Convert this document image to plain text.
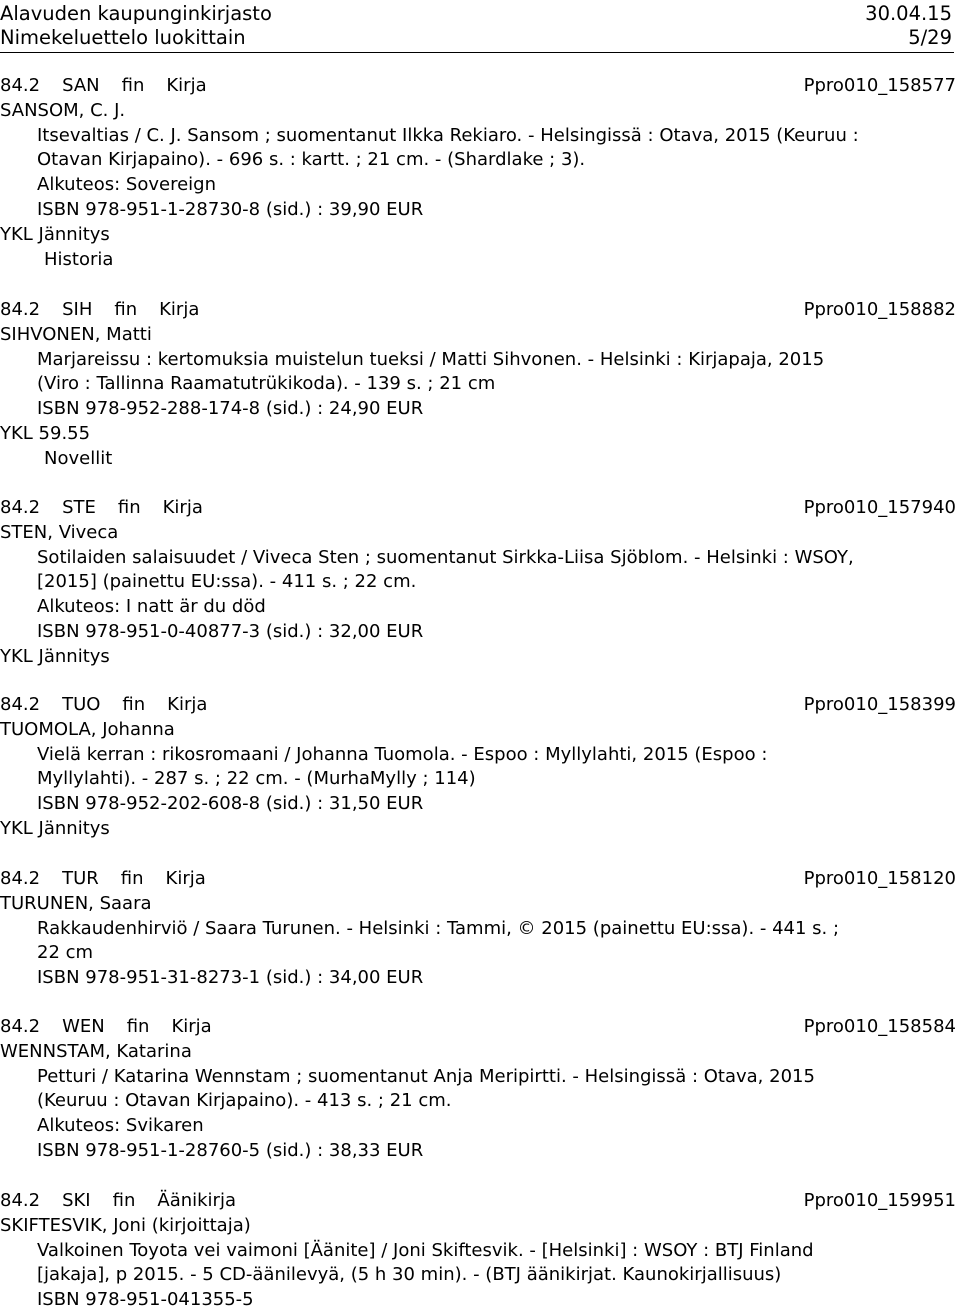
Alavuden kaupunginkirjasto	30.04.15
Nimekeluettelo luokittain	5/29
84.2 SAN fin Kirja	Ppro010_158577
SANSOM, C. J.
Itsevaltias / C. J. Sansom ; suomentanut Ilkka Rekiaro. - Helsingissä : Otava, 2015 (Keuruu :
Otavan Kirjapaino). - 696 s. : kartt. ; 21 cm. - (Shardlake ; 3).
Alkuteos: Sovereign
ISBN 978-951-1-28730-8 (sid.) : 39,90 EUR
YKL Jännitys
Historia
84.2 SIH fin Kirja	Ppro010_158882
SIHVONEN, Matti
Marjareissu : kertomuksia muistelun tueksi / Matti Sihvonen. - Helsinki : Kirjapaja, 2015
(Viro : Tallinna Raamatutrükikoda). - 139 s. ; 21 cm
ISBN 978-952-288-174-8 (sid.) : 24,90 EUR
YKL 59.55
Novellit
84.2 STE fin Kirja	Ppro010_157940
STEN, Viveca
Sotilaiden salaisuudet / Viveca Sten ; suomentanut Sirkka-Liisa Sjöblom. - Helsinki : WSOY,
[2015] (painettu EU:ssa). - 411 s. ; 22 cm.
Alkuteos: I natt är du död
ISBN 978-951-0-40877-3 (sid.) : 32,00 EUR
YKL Jännitys
84.2 TUO fin Kirja	Ppro010_158399
TUOMOLA, Johanna
Vielä kerran : rikosromaani / Johanna Tuomola. - Espoo : Myllylahti, 2015 (Espoo :
Myllylahti). - 287 s. ; 22 cm. - (MurhaMylly ; 114)
ISBN 978-952-202-608-8 (sid.) : 31,50 EUR
YKL Jännitys
84.2 TUR fin Kirja	Ppro010_158120
TURUNEN, Saara
Rakkaudenhirviö / Saara Turunen. - Helsinki : Tammi, © 2015 (painettu EU:ssa). - 441 s. ;
22 cm
ISBN 978-951-31-8273-1 (sid.) : 34,00 EUR
84.2 WEN fin Kirja	Ppro010_158584
WENNSTAM, Katarina
Petturi / Katarina Wennstam ; suomentanut Anja Meripirtti. - Helsingissä : Otava, 2015
(Keuruu : Otavan Kirjapaino). - 413 s. ; 21 cm.
Alkuteos: Svikaren
ISBN 978-951-1-28760-5 (sid.) : 38,33 EUR
84.2 SKI fin Äänikirja	Ppro010_159951
SKIFTESVIK, Joni (kirjoittaja)
Valkoinen Toyota vei vaimoni [Äänite] / Joni Skiftesvik. - [Helsinki] : WSOY : BTJ Finland
[jakaja], p 2015. - 5 CD-äänilevyä, (5 h 30 min). - (BTJ äänikirjat. Kaunokirjallisuus)
ISBN 978-951-041355-5
